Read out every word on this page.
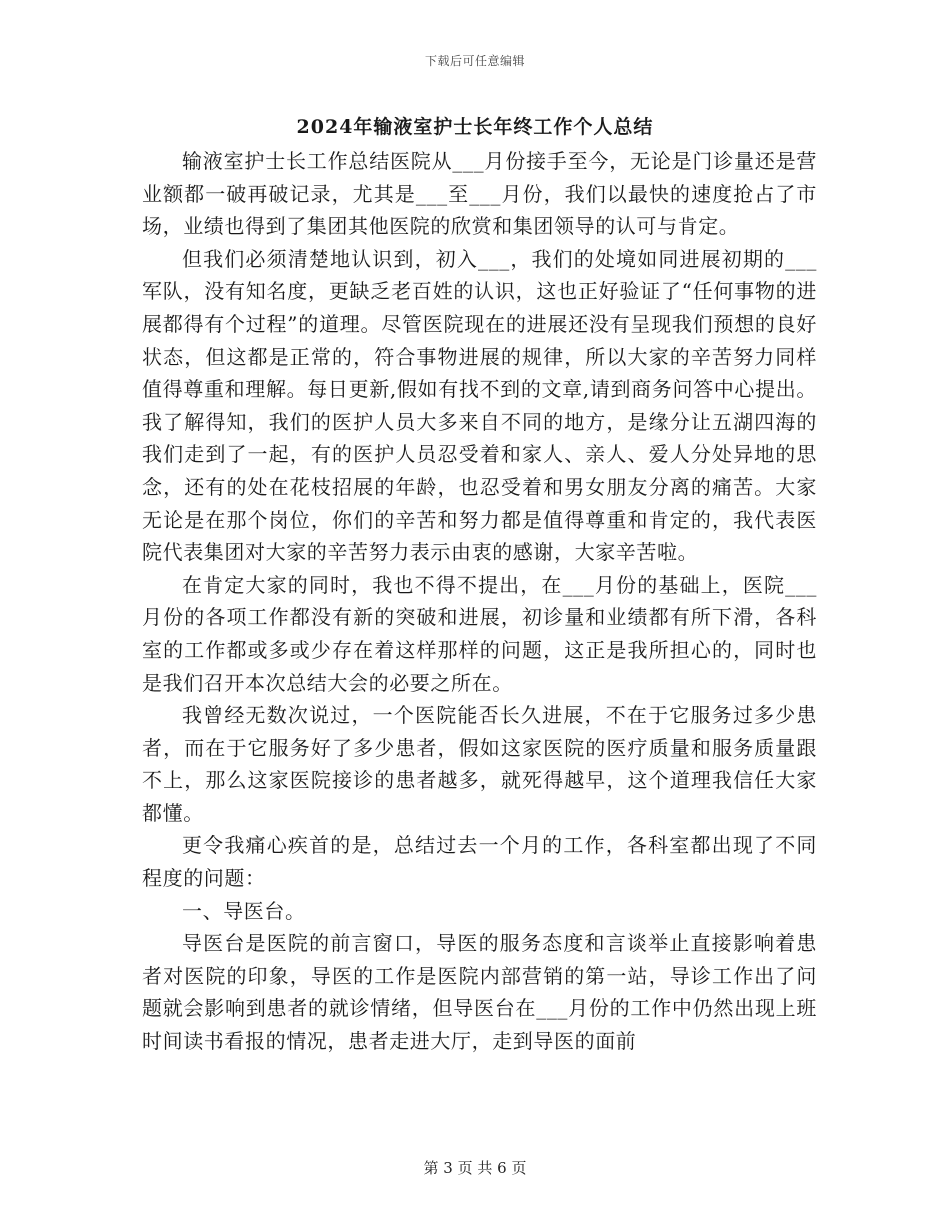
下载后可任意编辑
2024年输液室护士长年终工作个人总结

输液室护士长工作总结医院从___月份接手至今，无论是门诊量还是营业额都一破再破记录，尤其是___至___月份，我们以最快的速度抢占了市场，业绩也得到了集团其他医院的欣赏和集团领导的认可与肯定。

但我们必须清楚地认识到，初入___，我们的处境如同进展初期的___军队，没有知名度，更缺乏老百姓的认识，这也正好验证了“任何事物的进展都得有个过程”的道理。尽管医院现在的进展还没有呈现我们预想的良好状态，但这都是正常的，符合事物进展的规律，所以大家的辛苦努力同样值得尊重和理解。每日更新,假如有找不到的文章,请到商务问答中心提出。我了解得知，我们的医护人员大多来自不同的地方，是缘分让五湖四海的我们走到了一起，有的医护人员忍受着和家人、亲人、爱人分处异地的思念，还有的处在花枝招展的年龄，也忍受着和男女朋友分离的痛苦。大家无论是在那个岗位，你们的辛苦和努力都是值得尊重和肯定的，我代表医院代表集团对大家的辛苦努力表示由衷的感谢，大家辛苦啦。

在肯定大家的同时，我也不得不提出，在___月份的基础上，医院___月份的各项工作都没有新的突破和进展，初诊量和业绩都有所下滑，各科室的工作都或多或少存在着这样那样的问题，这正是我所担心的，同时也是我们召开本次总结大会的必要之所在。

我曾经无数次说过，一个医院能否长久进展，不在于它服务过多少患者，而在于它服务好了多少患者，假如这家医院的医疗质量和服务质量跟不上，那么这家医院接诊的患者越多，就死得越早，这个道理我信任大家都懂。

更令我痛心疾首的是，总结过去一个月的工作，各科室都出现了不同程度的问题：

一、导医台。

导医台是医院的前言窗口，导医的服务态度和言谈举止直接影响着患者对医院的印象，导医的工作是医院内部营销的第一站，导诊工作出了问题就会影响到患者的就诊情绪，但导医台在___月份的工作中仍然出现上班时间读书看报的情况，患者走进大厅，走到导医的面前

第 3 页 共 6 页
